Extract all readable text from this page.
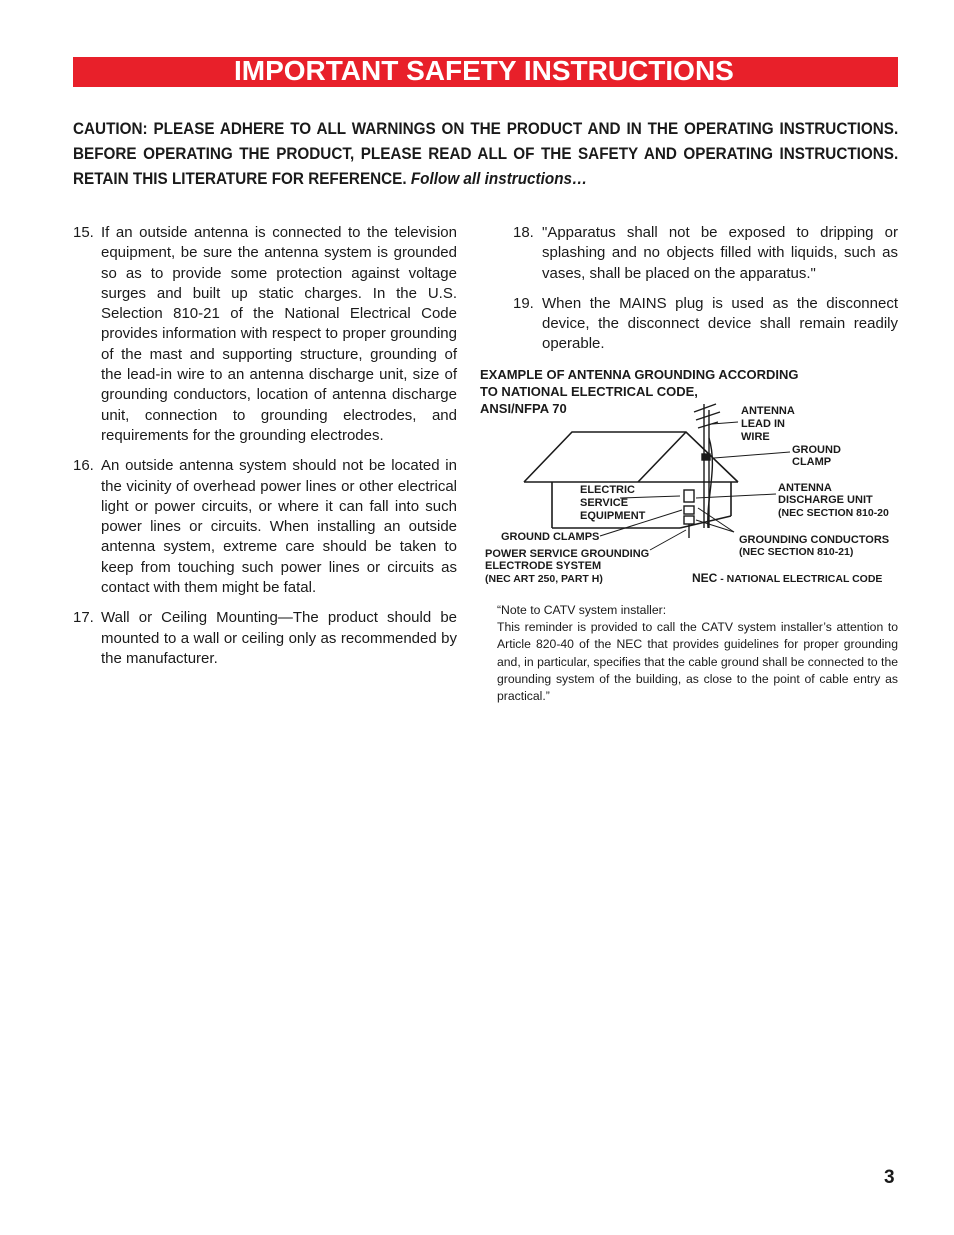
IMPORTANT SAFETY INSTRUCTIONS
CAUTION: PLEASE ADHERE TO ALL WARNINGS ON THE PRODUCT AND IN THE OPERATING INSTRUCTIONS.
BEFORE OPERATING THE PRODUCT, PLEASE READ ALL OF THE SAFETY AND OPERATING INSTRUCTIONS.
RETAIN THIS LITERATURE FOR REFERENCE. Follow all instructions…
15. If an outside antenna is connected to the television equipment, be sure the antenna system is grounded so as to provide some protection against voltage surges and built up static charges. In the U.S. Selection 810-21 of the National Electrical Code provides information with respect to proper grounding of the mast and supporting structure, grounding of the lead-in wire to an antenna discharge unit, size of grounding conductors, location of antenna discharge unit, connection to grounding electrodes, and requirements for the grounding electrodes.
16. An outside antenna system should not be located in the vicinity of overhead power lines or other electrical light or power circuits, or where it can fall into such power lines or circuits. When installing an outside antenna system, extreme care should be taken to keep from touching such power lines or circuits as contact with them might be fatal.
17. Wall or Ceiling Mounting—The product should be mounted to a wall or ceiling only as recommended by the manufacturer.
18. "Apparatus shall not be exposed to dripping or splashing and no objects filled with liquids, such as vases, shall be placed on the apparatus."
19. When the MAINS plug is used as the disconnect device, the disconnect device shall remain readily operable.
EXAMPLE OF ANTENNA GROUNDING ACCORDING
TO NATIONAL ELECTRICAL CODE,
ANSI/NFPA 70	ANTENNA
LEAD IN
WIRE
GROUND
CLAMP
ELECTRIC
SERVICE
EQUIPMENT
ANTENNA
DISCHARGE UNIT
(NEC SECTION 810-20
GROUND CLAMPS	GROUNDING CONDUCTORS
(NEC SECTION 810-21)
POWER SERVICE GROUNDING
ELECTRODE SYSTEM
(NEC ART 250, PART H)	NEC - NATIONAL ELECTRICAL CODE

“Note to CATV system installer:

This reminder is provided to call the CATV system installer’s attention to Article 820-40 of the NEC that provides guidelines for proper grounding and, in particular, specifies that the cable ground shall be connected to the grounding system of the building, as close to the point of cable entry as practical.”

3
